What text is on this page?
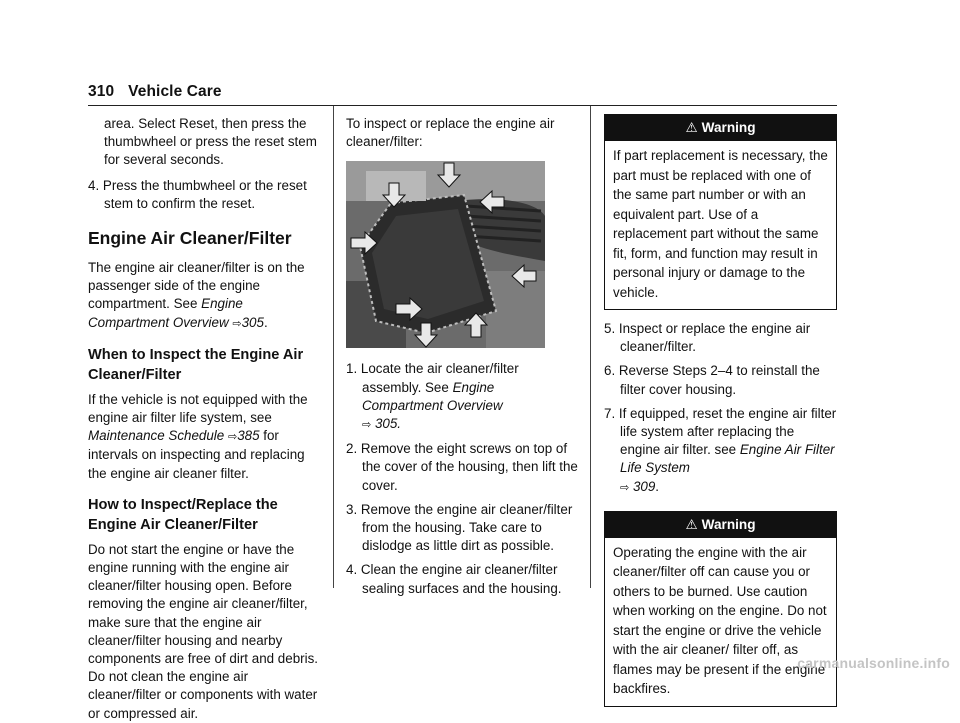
310 Vehicle Care

area. Select Reset, then press the thumbwheel or press the reset stem for several seconds.

4. Press the thumbwheel or the reset stem to confirm the reset.

Engine Air Cleaner/Filter

The engine air cleaner/filter is on the passenger side of the engine compartment. See Engine Compartment Overview ⇨305.

When to Inspect the Engine Air Cleaner/Filter

If the vehicle is not equipped with the engine air filter life system, see Maintenance Schedule ⇨385 for intervals on inspecting and replacing the engine air cleaner filter.

How to Inspect/Replace the Engine Air Cleaner/Filter

Do not start the engine or have the engine running with the engine air cleaner/filter housing open. Before removing the engine air cleaner/filter, make sure that the engine air cleaner/filter housing and nearby components are free of dirt and debris. Do not clean the engine air cleaner/filter or components with water or compressed air.

To inspect or replace the engine air cleaner/filter:

1. Locate the air cleaner/filter assembly. See Engine Compartment Overview
⇨ 305.

2. Remove the eight screws on top of the cover of the housing, then lift the cover.

3. Remove the engine air cleaner/filter from the housing. Take care to dislodge as little dirt as possible.

4. Clean the engine air cleaner/filter sealing surfaces and the housing.

⚠ Warning
If part replacement is necessary, the part must be replaced with one of the same part number or with an equivalent part. Use of a replacement part without the same fit, form, and function may result in personal injury or damage to the vehicle.

5. Inspect or replace the engine air cleaner/filter.

6. Reverse Steps 2–4 to reinstall the filter cover housing.

7. If equipped, reset the engine air filter life system after replacing the engine air filter. see Engine Air Filter Life System
⇨ 309.

⚠ Warning
Operating the engine with the air cleaner/filter off can cause you or others to be burned. Use caution when working on the engine. Do not start the engine or drive the vehicle with the air cleaner/ filter off, as flames may be present if the engine backfires.
carmanualsonline.info
